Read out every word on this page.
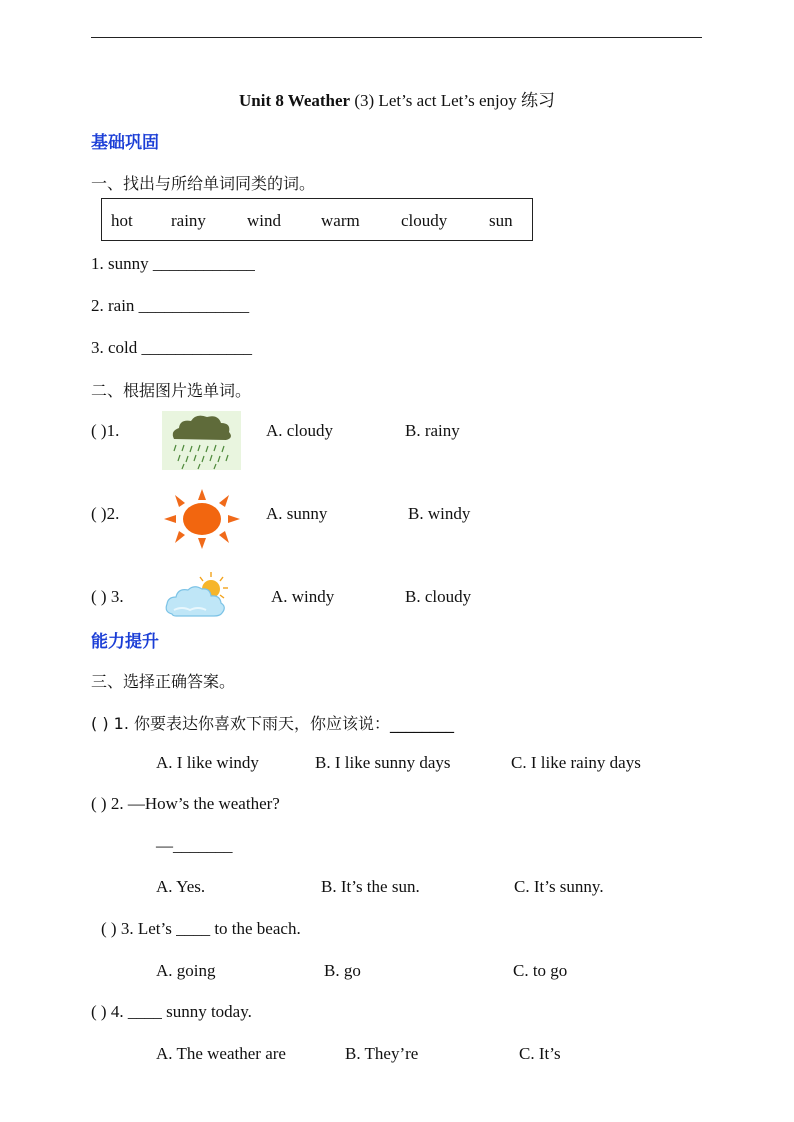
Unit 8 Weather (3) Let’s act Let’s enjoy 练习
基础巩固
一、找出与所给单词同类的词。
hot rainy wind warm cloudy sun
1. sunny ____________
2. rain _____________
3. cold _____________
二、根据图片选单词。
( )1.	A. cloudy	B. rainy
( )2.	A. sunny	B. windy
( ) 3.	A. windy	B. cloudy
能力提升
三、选择正确答案。
( ) 1. 你要表达你喜欢下雨天，你应该说：________
A. I like windy	B. I like sunny days	C. I like rainy days
( ) 2. —How’s the weather?
—_______
A. Yes.	B. It’s the sun.	C. It’s sunny.
( ) 3. Let’s ____ to the beach.
A. going	B. go	C. to go
( ) 4. ____ sunny today.
A. The weather are	B. They’re	C. It’s
